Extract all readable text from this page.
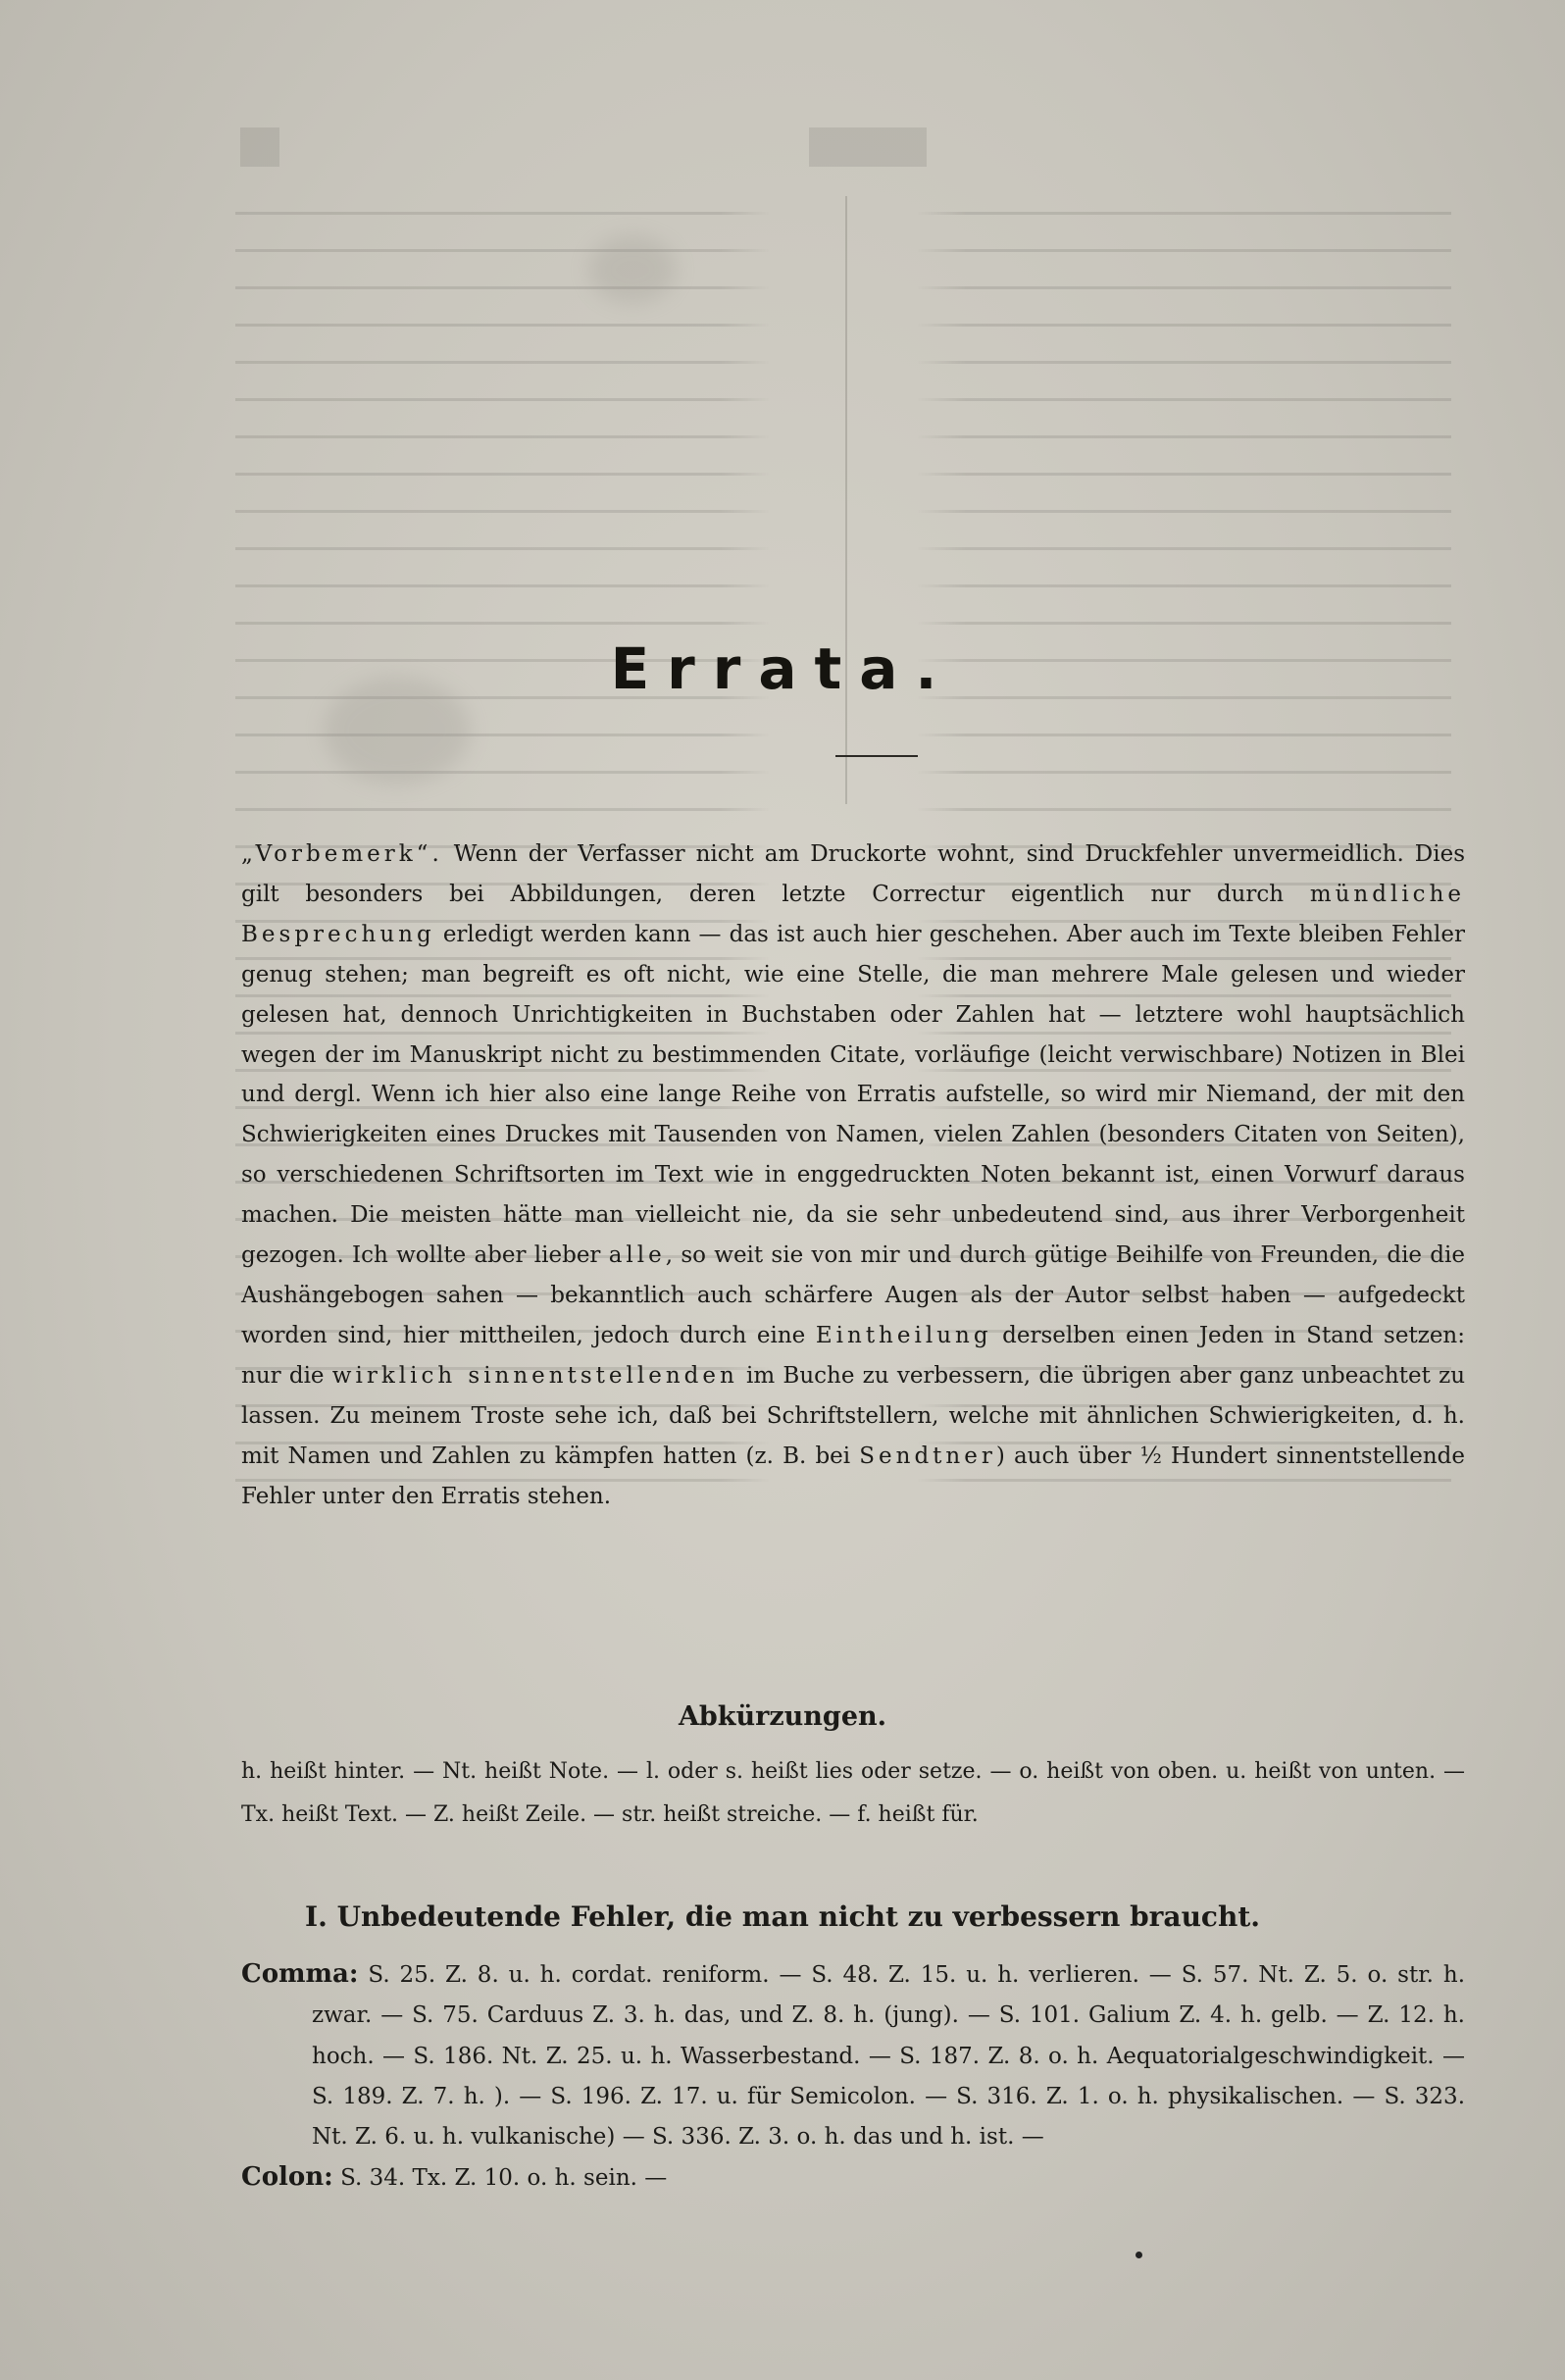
Errata.
„Vorbemerk“. Wenn der Verfasser nicht am Druckorte wohnt, sind Druckfehler unvermeidlich. Dies gilt besonders bei Abbildungen, deren letzte Correctur eigentlich nur durch mündliche Besprechung erledigt werden kann — das ist auch hier geschehen. Aber auch im Texte bleiben Fehler genug stehen; man begreift es oft nicht, wie eine Stelle, die man mehrere Male gelesen und wieder gelesen hat, dennoch Unrichtigkeiten in Buchstaben oder Zahlen hat — letztere wohl hauptsächlich wegen der im Manuskript nicht zu bestimmenden Citate, vorläufige (leicht verwischbare) Notizen in Blei und dergl. Wenn ich hier also eine lange Reihe von Erratis aufstelle, so wird mir Niemand, der mit den Schwierigkeiten eines Druckes mit Tausenden von Namen, vielen Zahlen (besonders Citaten von Seiten), so verschiedenen Schriftsorten im Text wie in enggedruckten Noten bekannt ist, einen Vorwurf daraus machen. Die meisten hätte man vielleicht nie, da sie sehr unbedeutend sind, aus ihrer Verborgenheit gezogen. Ich wollte aber lieber alle, so weit sie von mir und durch gütige Beihilfe von Freunden, die die Aushängebogen sahen — bekanntlich auch schärfere Augen als der Autor selbst haben — aufgedeckt worden sind, hier mittheilen, jedoch durch eine Eintheilung derselben einen Jeden in Stand setzen: nur die wirklich sinnentstellenden im Buche zu verbessern, die übrigen aber ganz unbeachtet zu lassen. Zu meinem Troste sehe ich, daß bei Schriftstellern, welche mit ähnlichen Schwierigkeiten, d. h. mit Namen und Zahlen zu kämpfen hatten (z. B. bei Sendtner) auch über ½ Hundert sinnentstellende Fehler unter den Erratis stehen.
Abkürzungen.
h. heißt hinter. — Nt. heißt Note. — l. oder s. heißt lies oder setze. — o. heißt von oben. u. heißt von unten. — Tx. heißt Text. — Z. heißt Zeile. — str. heißt streiche. — f. heißt für.
I. Unbedeutende Fehler, die man nicht zu verbessern braucht.
Comma: S. 25. Z. 8. u. h. cordat. reniform. — S. 48. Z. 15. u. h. verlieren. — S. 57. Nt. Z. 5. o. str. h. zwar. — S. 75. Carduus Z. 3. h. das, und Z. 8. h. (jung). — S. 101. Galium Z. 4. h. gelb. — Z. 12. h. hoch. — S. 186. Nt. Z. 25. u. h. Wasserbestand. — S. 187. Z. 8. o. h. Aequatorialgeschwindigkeit. — S. 189. Z. 7. h. ). — S. 196. Z. 17. u. für Semicolon. — S. 316. Z. 1. o. h. physikalischen. — S. 323. Nt. Z. 6. u. h. vulkanische) — S. 336. Z. 3. o. h. das und h. ist. —
Colon: S. 34. Tx. Z. 10. o. h. sein. —
